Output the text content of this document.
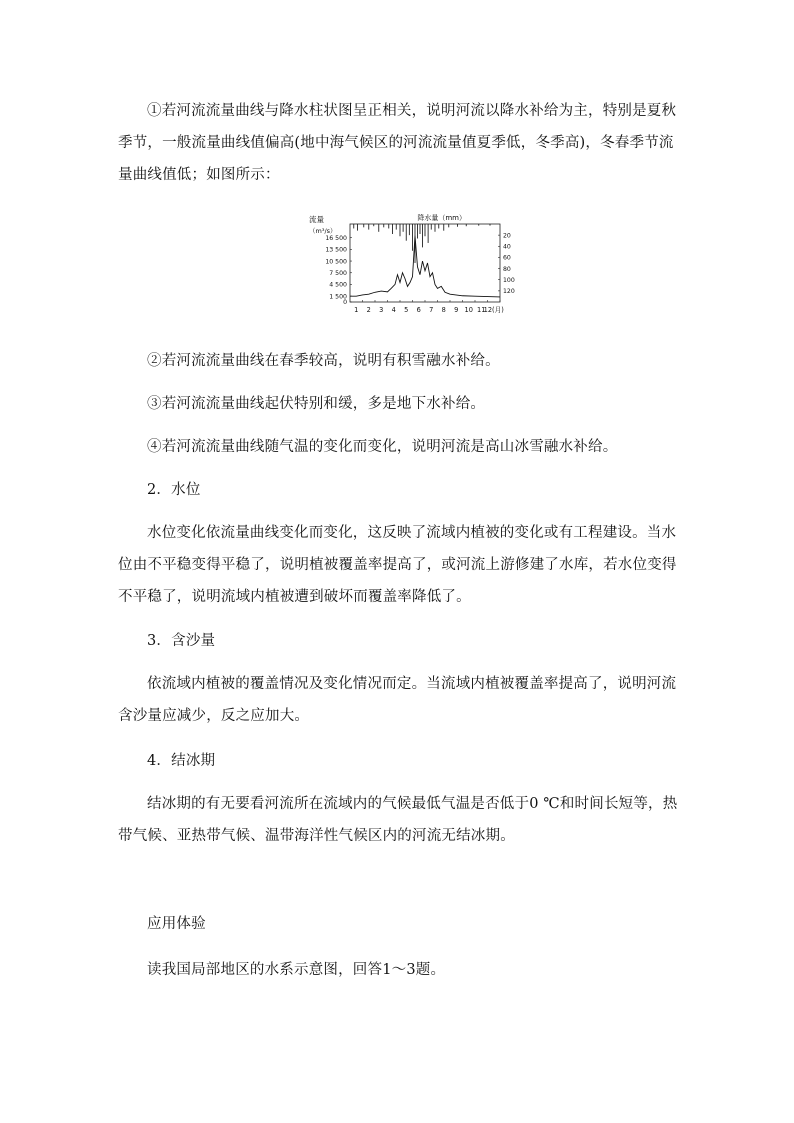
①若河流流量曲线与降水柱状图呈正相关，说明河流以降水补给为主，特别是夏秋季节，一般流量曲线值偏高(地中海气候区的河流流量值夏季低，冬季高)，冬春季节流量曲线值低；如图所示：

流量
（m³/s）
降水量（mm）
16 500
13 500
10 500
7 500
4 500
1 500
0
20
40
60
80
100
120
1 2 3 4 5 6 7 8 9 10 11
12(月)

②若河流流量曲线在春季较高，说明有积雪融水补给。

③若河流流量曲线起伏特别和缓，多是地下水补给。

④若河流流量曲线随气温的变化而变化，说明河流是高山冰雪融水补给。

2．水位

水位变化依流量曲线变化而变化，这反映了流域内植被的变化或有工程建设。当水位由不平稳变得平稳了，说明植被覆盖率提高了，或河流上游修建了水库，若水位变得不平稳了，说明流域内植被遭到破坏而覆盖率降低了。

3．含沙量

依流域内植被的覆盖情况及变化情况而定。当流域内植被覆盖率提高了，说明河流含沙量应减少，反之应加大。

4．结冰期

结冰期的有无要看河流所在流域内的气候最低气温是否低于0 ℃和时间长短等，热带气候、亚热带气候、温带海洋性气候区内的河流无结冰期。

应用体验

读我国局部地区的水系示意图，回答1～3题。
